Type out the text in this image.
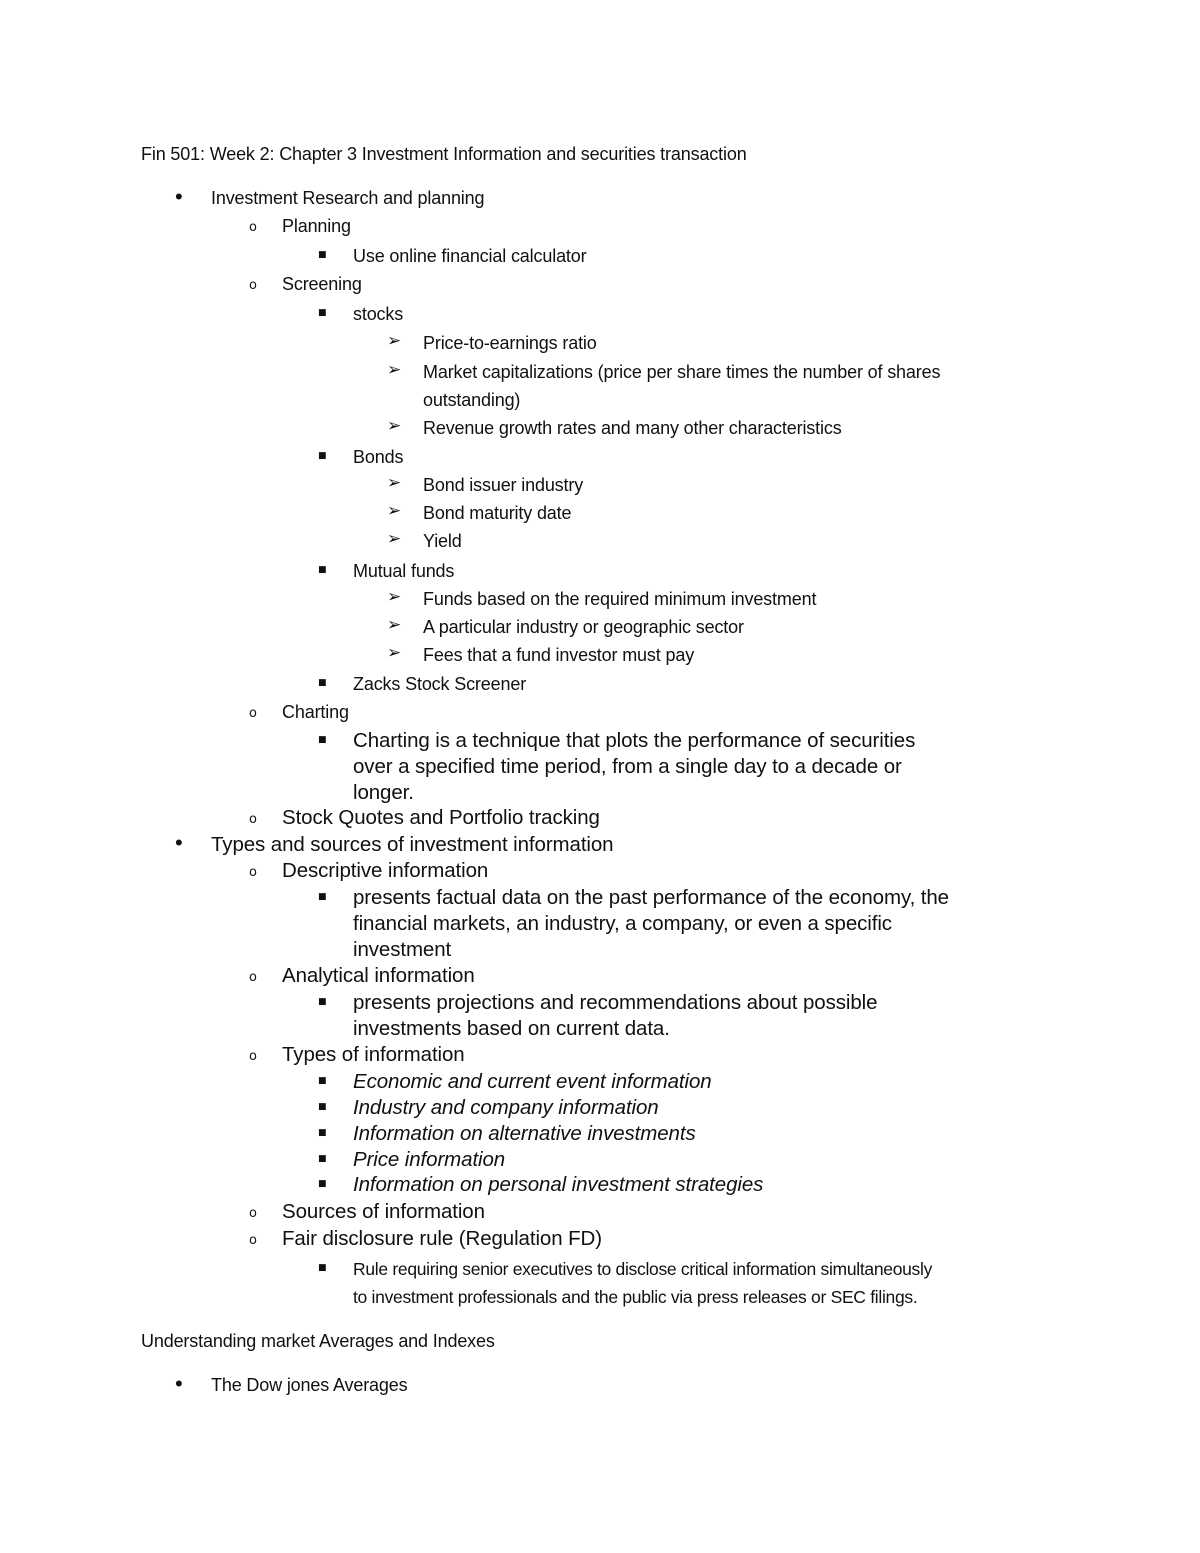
Fin 501: Week 2: Chapter 3 Investment Information and securities transaction
• Investment Research and planning
o Planning
■ Use online financial calculator
o Screening
■ stocks
➢ Price-to-earnings ratio
➢ Market capitalizations (price per share times the number of shares
outstanding)
➢ Revenue growth rates and many other characteristics
■ Bonds
➢ Bond issuer industry
➢ Bond maturity date
➢ Yield
■ Mutual funds
➢ Funds based on the required minimum investment
➢ A particular industry or geographic sector
➢ Fees that a fund investor must pay
■ Zacks Stock Screener
o Charting
■ Charting is a technique that plots the performance of securities
over a specified time period, from a single day to a decade or
longer.
o Stock Quotes and Portfolio tracking
• Types and sources of investment information
o Descriptive information
■ presents factual data on the past performance of the economy, the
financial markets, an industry, a company, or even a specific
investment
o Analytical information
■ presents projections and recommendations about possible
investments based on current data.
o Types of information
■ Economic and current event information
■ Industry and company information
■ Information on alternative investments
■ Price information
■ Information on personal investment strategies
o Sources of information
o Fair disclosure rule (Regulation FD)
■ Rule requiring senior executives to disclose critical information simultaneously
to investment professionals and the public via press releases or SEC filings.
Understanding market Averages and Indexes
• The Dow jones Averages
